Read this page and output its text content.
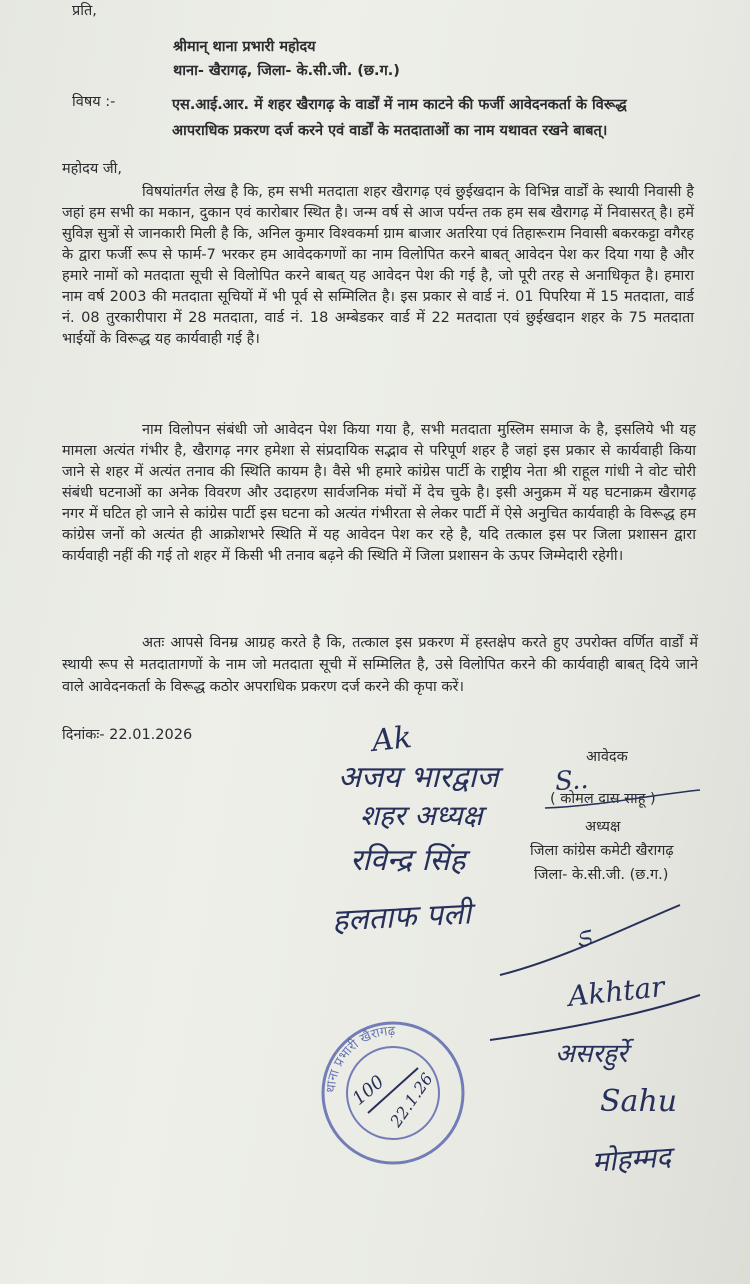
प्रति,
श्रीमान् थाना प्रभारी महोदय
थाना- खैरागढ़, जिला- के.सी.जी. (छ.ग.)
विषय :-	एस.आई.आर. में शहर खैरागढ़ के वार्डों में नाम काटने की फर्जी आवेदनकर्ता के विरूद्ध
आपराधिक प्रकरण दर्ज करने एवं वार्डों के मतदाताओं का नाम यथावत रखने बाबत्।
महोदय जी,
विषयांतर्गत लेख है कि, हम सभी मतदाता शहर खैरागढ़ एवं छुईखदान के विभिन्न वार्डों के स्थायी निवासी है जहां हम सभी का मकान, दुकान एवं कारोबार स्थित है। जन्म वर्ष से आज पर्यन्त तक हम सब खैरागढ़ में निवासरत् है। हमें सुविज्ञ सुत्रों से जानकारी मिली है कि, अनिल कुमार विश्वकर्मा ग्राम बाजार अतरिया एवं तिहारूराम निवासी बकरकट्टा वगैरह के द्वारा फर्जी रूप से फार्म-7 भरकर हम आवेदकगणों का नाम विलोपित करने बाबत् आवेदन पेश कर दिया गया है और हमारे नामों को मतदाता सूची से विलोपित करने बाबत् यह आवेदन पेश की गई है, जो पूरी तरह से अनाधिकृत है। हमारा नाम वर्ष 2003 की मतदाता सूचियों में भी पूर्व से सम्मिलित है। इस प्रकार से वार्ड नं. 01 पिपरिया में 15 मतदाता, वार्ड नं. 08 तुरकारीपारा में 28 मतदाता, वार्ड नं. 18 अम्बेडकर वार्ड में 22 मतदाता एवं छुईखदान शहर के 75 मतदाता भाईयों के विरूद्ध यह कार्यवाही गई है।
नाम विलोपन संबंधी जो आवेदन पेश किया गया है, सभी मतदाता मुस्लिम समाज के है, इसलिये भी यह मामला अत्यंत गंभीर है, खैरागढ़ नगर हमेशा से संप्रदायिक सद्भाव से परिपूर्ण शहर है जहां इस प्रकार से कार्यवाही किया जाने से शहर में अत्यंत तनाव की स्थिति कायम है। वैसे भी हमारे कांग्रेस पार्टी के राष्ट्रीय नेता श्री राहूल गांधी ने वोट चोरी संबंधी घटनाओं का अनेक विवरण और उदाहरण सार्वजनिक मंचों में देच चुके है। इसी अनुक्रम में यह घटनाक्रम खैरागढ़ नगर में घटित हो जाने से कांग्रेस पार्टी इस घटना को अत्यंत गंभीरता से लेकर पार्टी में ऐसे अनुचित कार्यवाही के विरूद्ध हम कांग्रेस जनों को अत्यंत ही आक्रोशभरे स्थिति में यह आवेदन पेश कर रहे है, यदि तत्काल इस पर जिला प्रशासन द्वारा कार्यवाही नहीं की गई तो शहर में किसी भी तनाव बढ़ने की स्थिति में जिला प्रशासन के ऊपर जिम्मेदारी रहेगी।
अतः आपसे विनम्र आग्रह करते है कि, तत्काल इस प्रकरण में हस्तक्षेप करते हुए उपरोक्त वर्णित वार्डों में स्थायी रूप से मतदातागणों के नाम जो मतदाता सूची में सम्मिलित है, उसे विलोपित करने की कार्यवाही बाबत् दिये जाने वाले आवेदनकर्ता के विरूद्ध कठोर अपराधिक प्रकरण दर्ज करने की कृपा करें।
दिनांकः- 22.01.2026
आवेदक
S..
( कोमल दास साहू )
अध्यक्ष
जिला कांग्रेस कमेटी खैरागढ़
जिला- के.सी.जी. (छ.ग.)
Ak
अजय भारद्वाज
शहर अध्यक्ष
रविन्द्र सिंह
हलताफ पली	ಽ
Akhtar
असरहुर्रे
Sahu
मोहम्मद
थाना प्रभारी खैरागढ़
100
22.1.26
